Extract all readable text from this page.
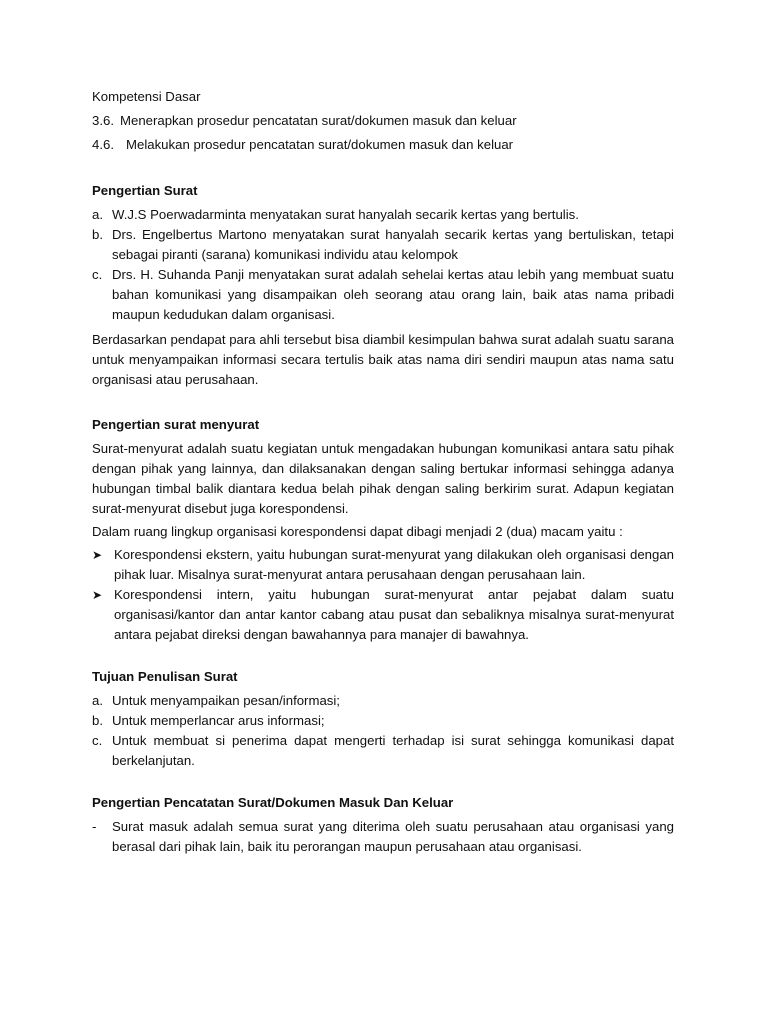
Kompetensi Dasar
3.6. Menerapkan prosedur pencatatan surat/dokumen masuk dan keluar
4.6. Melakukan prosedur pencatatan surat/dokumen masuk dan keluar
Pengertian Surat
a. W.J.S Poerwadarminta menyatakan surat hanyalah secarik kertas yang bertulis.
b. Drs. Engelbertus Martono menyatakan surat hanyalah secarik kertas yang bertuliskan, tetapi sebagai piranti (sarana) komunikasi individu atau kelompok
c. Drs. H. Suhanda Panji menyatakan surat adalah sehelai kertas atau lebih yang membuat suatu bahan komunikasi yang disampaikan oleh seorang atau orang lain, baik atas nama pribadi maupun kedudukan dalam organisasi.

Berdasarkan pendapat para ahli tersebut bisa diambil kesimpulan bahwa surat adalah suatu sarana untuk menyampaikan informasi secara tertulis baik atas nama diri sendiri maupun atas nama satu organisasi atau perusahaan.

Pengertian surat menyurat

Surat-menyurat adalah suatu kegiatan untuk mengadakan hubungan komunikasi antara satu pihak dengan pihak yang lainnya, dan dilaksanakan dengan saling bertukar informasi sehingga adanya hubungan timbal balik diantara kedua belah pihak dengan saling berkirim surat. Adapun kegiatan surat-menyurat disebut juga korespondensi.

Dalam ruang lingkup organisasi korespondensi dapat dibagi menjadi 2 (dua) macam yaitu :

➤ Korespondensi ekstern, yaitu hubungan surat-menyurat yang dilakukan oleh organisasi dengan pihak luar. Misalnya surat-menyurat antara perusahaan dengan perusahaan lain.
➤ Korespondensi intern, yaitu hubungan surat-menyurat antar pejabat dalam suatu organisasi/kantor dan antar kantor cabang atau pusat dan sebaliknya misalnya surat-menyurat antara pejabat direksi dengan bawahannya para manajer di bawahnya.
Tujuan Penulisan Surat
a. Untuk menyampaikan pesan/informasi;
b. Untuk memperlancar arus informasi;
c. Untuk membuat si penerima dapat mengerti terhadap isi surat sehingga komunikasi dapat berkelanjutan.
Pengertian Pencatatan Surat/Dokumen Masuk Dan Keluar
-	Surat masuk adalah semua surat yang diterima oleh suatu perusahaan atau organisasi yang berasal dari pihak lain, baik itu perorangan maupun perusahaan atau organisasi.
